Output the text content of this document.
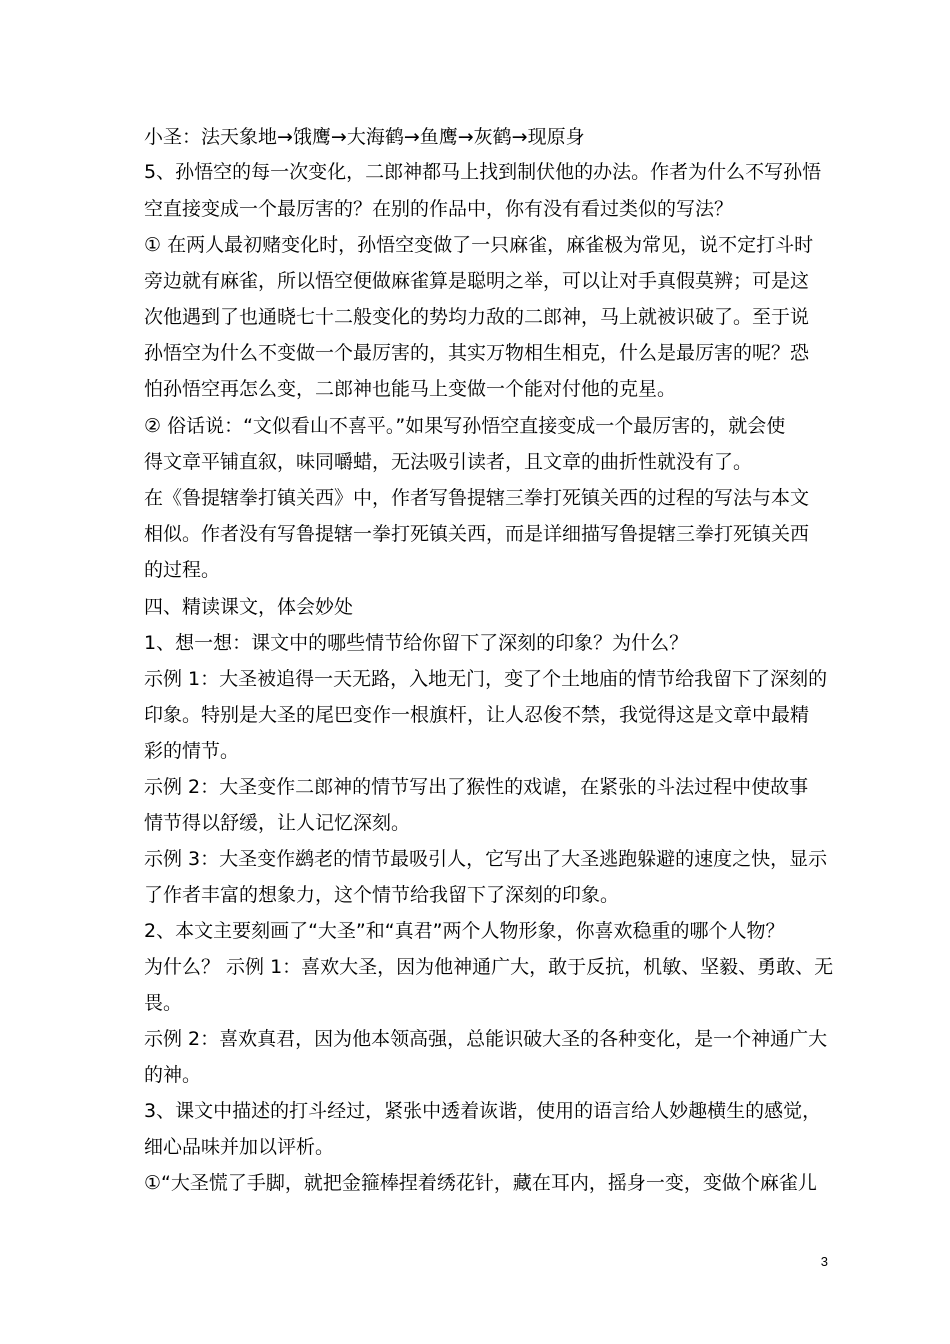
小圣：法天象地→饿鹰→大海鹤→鱼鹰→灰鹤→现原身
5、孙悟空的每一次变化，二郎神都马上找到制伏他的办法。作者为什么不写孙悟
空直接变成一个最厉害的？在别的作品中，你有没有看过类似的写法？
① 在两人最初赌变化时，孙悟空变做了一只麻雀，麻雀极为常见，说不定打斗时
旁边就有麻雀，所以悟空便做麻雀算是聪明之举，可以让对手真假莫辨；可是这
次他遇到了也通晓七十二般变化的势均力敌的二郎神，马上就被识破了。至于说
孙悟空为什么不变做一个最厉害的，其实万物相生相克，什么是最厉害的呢？恐
怕孙悟空再怎么变，二郎神也能马上变做一个能对付他的克星。
② 俗话说：“文似看山不喜平。”如果写孙悟空直接变成一个最厉害的，就会使
得文章平铺直叙，味同嚼蜡，无法吸引读者，且文章的曲折性就没有了。
在《鲁提辖拳打镇关西》中，作者写鲁提辖三拳打死镇关西的过程的写法与本文
相似。作者没有写鲁提辖一拳打死镇关西，而是详细描写鲁提辖三拳打死镇关西
的过程。
四、精读课文，体会妙处
1、想一想：课文中的哪些情节给你留下了深刻的印象？为什么？
示例 1：大圣被追得一天无路，入地无门，变了个土地庙的情节给我留下了深刻的
印象。特别是大圣的尾巴变作一根旗杆，让人忍俊不禁，我觉得这是文章中最精
彩的情节。
示例 2：大圣变作二郎神的情节写出了猴性的戏谑，在紧张的斗法过程中使故事
情节得以舒缓，让人记忆深刻。
示例 3：大圣变作鹚老的情节最吸引人，它写出了大圣逃跑躲避的速度之快，显示
了作者丰富的想象力，这个情节给我留下了深刻的印象。
2、本文主要刻画了“大圣”和“真君”两个人物形象，你喜欢稳重的哪个人物？
为什么？ 示例 1：喜欢大圣，因为他神通广大，敢于反抗，机敏、坚毅、勇敢、无
畏。
示例 2：喜欢真君，因为他本领高强，总能识破大圣的各种变化，是一个神通广大
的神。
3、课文中描述的打斗经过，紧张中透着诙谐，使用的语言给人妙趣横生的感觉，
细心品味并加以评析。
①“大圣慌了手脚，就把金箍棒捏着绣花针，藏在耳内，摇身一变，变做个麻雀儿
3
